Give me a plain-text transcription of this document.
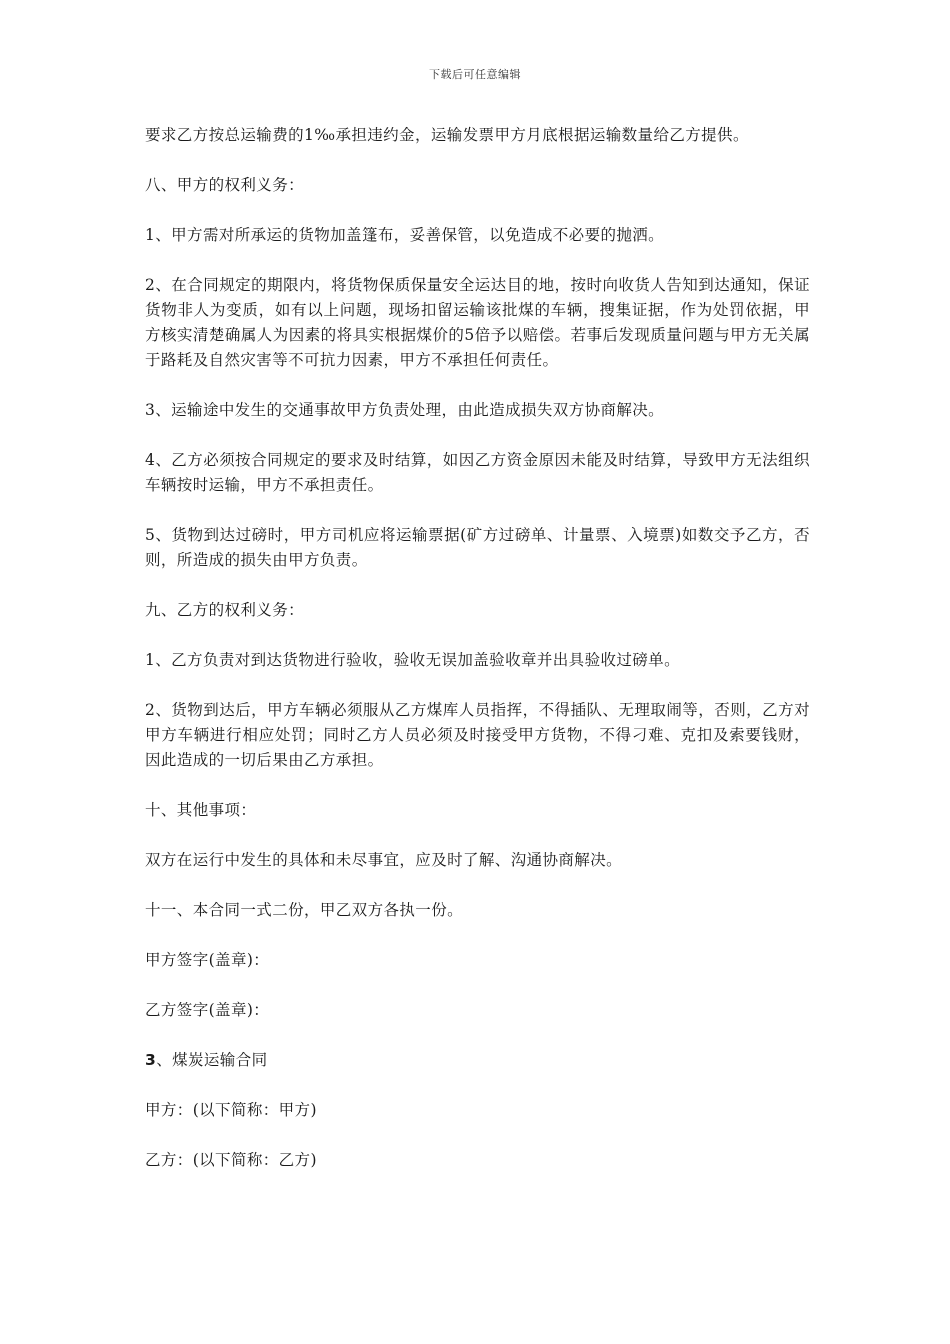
下载后可任意编辑

要求乙方按总运输费的1‰承担违约金，运输发票甲方月底根据运输数量给乙方提供。

八、甲方的权利义务：

1、甲方需对所承运的货物加盖篷布，妥善保管，以免造成不必要的抛洒。

2、在合同规定的期限内，将货物保质保量安全运达目的地，按时向收货人告知到达通知，保证货物非人为变质，如有以上问题，现场扣留运输该批煤的车辆，搜集证据，作为处罚依据，甲方核实清楚确属人为因素的将具实根据煤价的5倍予以赔偿。若事后发现质量问题与甲方无关属于路耗及自然灾害等不可抗力因素，甲方不承担任何责任。

3、运输途中发生的交通事故甲方负责处理，由此造成损失双方协商解决。

4、乙方必须按合同规定的要求及时结算，如因乙方资金原因未能及时结算，导致甲方无法组织车辆按时运输，甲方不承担责任。

5、货物到达过磅时，甲方司机应将运输票据(矿方过磅单、计量票、入境票)如数交予乙方，否则，所造成的损失由甲方负责。

九、乙方的权利义务：

1、乙方负责对到达货物进行验收，验收无误加盖验收章并出具验收过磅单。

2、货物到达后，甲方车辆必须服从乙方煤库人员指挥，不得插队、无理取闹等，否则，乙方对甲方车辆进行相应处罚；同时乙方人员必须及时接受甲方货物，不得刁难、克扣及索要钱财，因此造成的一切后果由乙方承担。

十、其他事项：

双方在运行中发生的具体和未尽事宜，应及时了解、沟通协商解决。

十一、本合同一式二份，甲乙双方各执一份。

甲方签字(盖章)：

乙方签字(盖章)：

3、煤炭运输合同

甲方：(以下简称：甲方)

乙方：(以下简称：乙方)
